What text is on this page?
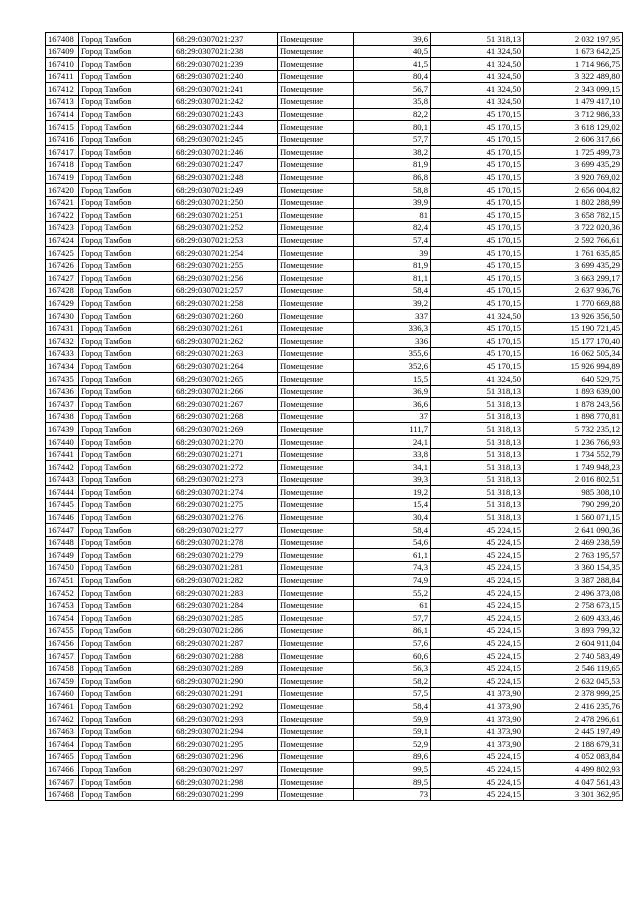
167408	Город Тамбов	68:29:0307021:237	Помещение	39,6	51 318,13	2 032 197,95
167409	Город Тамбов	68:29:0307021:238	Помещение	40,5	41 324,50	1 673 642,25
167410	Город Тамбов	68:29:0307021:239	Помещение	41,5	41 324,50	1 714 966,75
167411	Город Тамбов	68:29:0307021:240	Помещение	80,4	41 324,50	3 322 489,80
167412	Город Тамбов	68:29:0307021:241	Помещение	56,7	41 324,50	2 343 099,15
167413	Город Тамбов	68:29:0307021:242	Помещение	35,8	41 324,50	1 479 417,10
167414	Город Тамбов	68:29:0307021:243	Помещение	82,2	45 170,15	3 712 986,33
167415	Город Тамбов	68:29:0307021:244	Помещение	80,1	45 170,15	3 618 129,02
167416	Город Тамбов	68:29:0307021:245	Помещение	57,7	45 170,15	2 606 317,66
167417	Город Тамбов	68:29:0307021:246	Помещение	38,2	45 170,15	1 725 499,73
167418	Город Тамбов	68:29:0307021:247	Помещение	81,9	45 170,15	3 699 435,29
167419	Город Тамбов	68:29:0307021:248	Помещение	86,8	45 170,15	3 920 769,02
167420	Город Тамбов	68:29:0307021:249	Помещение	58,8	45 170,15	2 656 004,82
167421	Город Тамбов	68:29:0307021:250	Помещение	39,9	45 170,15	1 802 288,99
167422	Город Тамбов	68:29:0307021:251	Помещение	81	45 170,15	3 658 782,15
167423	Город Тамбов	68:29:0307021:252	Помещение	82,4	45 170,15	3 722 020,36
167424	Город Тамбов	68:29:0307021:253	Помещение	57,4	45 170,15	2 592 766,61
167425	Город Тамбов	68:29:0307021:254	Помещение	39	45 170,15	1 761 635,85
167426	Город Тамбов	68:29:0307021:255	Помещение	81,9	45 170,15	3 699 435,29
167427	Город Тамбов	68:29:0307021:256	Помещение	81,1	45 170,15	3 663 299,17
167428	Город Тамбов	68:29:0307021:257	Помещение	58,4	45 170,15	2 637 936,76
167429	Город Тамбов	68:29:0307021:258	Помещение	39,2	45 170,15	1 770 669,88
167430	Город Тамбов	68:29:0307021:260	Помещение	337	41 324,50	13 926 356,50
167431	Город Тамбов	68:29:0307021:261	Помещение	336,3	45 170,15	15 190 721,45
167432	Город Тамбов	68:29:0307021:262	Помещение	336	45 170,15	15 177 170,40
167433	Город Тамбов	68:29:0307021:263	Помещение	355,6	45 170,15	16 062 505,34
167434	Город Тамбов	68:29:0307021:264	Помещение	352,6	45 170,15	15 926 994,89
167435	Город Тамбов	68:29:0307021:265	Помещение	15,5	41 324,50	640 529,75
167436	Город Тамбов	68:29:0307021:266	Помещение	36,9	51 318,13	1 893 639,00
167437	Город Тамбов	68:29:0307021:267	Помещение	36,6	51 318,13	1 878 243,56
167438	Город Тамбов	68:29:0307021:268	Помещение	37	51 318,13	1 898 770,81
167439	Город Тамбов	68:29:0307021:269	Помещение	111,7	51 318,13	5 732 235,12
167440	Город Тамбов	68:29:0307021:270	Помещение	24,1	51 318,13	1 236 766,93
167441	Город Тамбов	68:29:0307021:271	Помещение	33,8	51 318,13	1 734 552,79
167442	Город Тамбов	68:29:0307021:272	Помещение	34,1	51 318,13	1 749 948,23
167443	Город Тамбов	68:29:0307021:273	Помещение	39,3	51 318,13	2 016 802,51
167444	Город Тамбов	68:29:0307021:274	Помещение	19,2	51 318,13	985 308,10
167445	Город Тамбов	68:29:0307021:275	Помещение	15,4	51 318,13	790 299,20
167446	Город Тамбов	68:29:0307021:276	Помещение	30,4	51 318,13	1 560 071,15
167447	Город Тамбов	68:29:0307021:277	Помещение	58,4	45 224,15	2 641 090,36
167448	Город Тамбов	68:29:0307021:278	Помещение	54,6	45 224,15	2 469 238,59
167449	Город Тамбов	68:29:0307021:279	Помещение	61,1	45 224,15	2 763 195,57
167450	Город Тамбов	68:29:0307021:281	Помещение	74,3	45 224,15	3 360 154,35
167451	Город Тамбов	68:29:0307021:282	Помещение	74,9	45 224,15	3 387 288,84
167452	Город Тамбов	68:29:0307021:283	Помещение	55,2	45 224,15	2 496 373,08
167453	Город Тамбов	68:29:0307021:284	Помещение	61	45 224,15	2 758 673,15
167454	Город Тамбов	68:29:0307021:285	Помещение	57,7	45 224,15	2 609 433,46
167455	Город Тамбов	68:29:0307021:286	Помещение	86,1	45 224,15	3 893 799,32
167456	Город Тамбов	68:29:0307021:287	Помещение	57,6	45 224,15	2 604 911,04
167457	Город Тамбов	68:29:0307021:288	Помещение	60,6	45 224,15	2 740 583,49
167458	Город Тамбов	68:29:0307021:289	Помещение	56,3	45 224,15	2 546 119,65
167459	Город Тамбов	68:29:0307021:290	Помещение	58,2	45 224,15	2 632 045,53
167460	Город Тамбов	68:29:0307021:291	Помещение	57,5	41 373,90	2 378 999,25
167461	Город Тамбов	68:29:0307021:292	Помещение	58,4	41 373,90	2 416 235,76
167462	Город Тамбов	68:29:0307021:293	Помещение	59,9	41 373,90	2 478 296,61
167463	Город Тамбов	68:29:0307021:294	Помещение	59,1	41 373,90	2 445 197,49
167464	Город Тамбов	68:29:0307021:295	Помещение	52,9	41 373,90	2 188 679,31
167465	Город Тамбов	68:29:0307021:296	Помещение	89,6	45 224,15	4 052 083,84
167466	Город Тамбов	68:29:0307021:297	Помещение	99,5	45 224,15	4 499 802,93
167467	Город Тамбов	68:29:0307021:298	Помещение	89,5	45 224,15	4 047 561,43
167468	Город Тамбов	68:29:0307021:299	Помещение	73	45 224,15	3 301 362,95
